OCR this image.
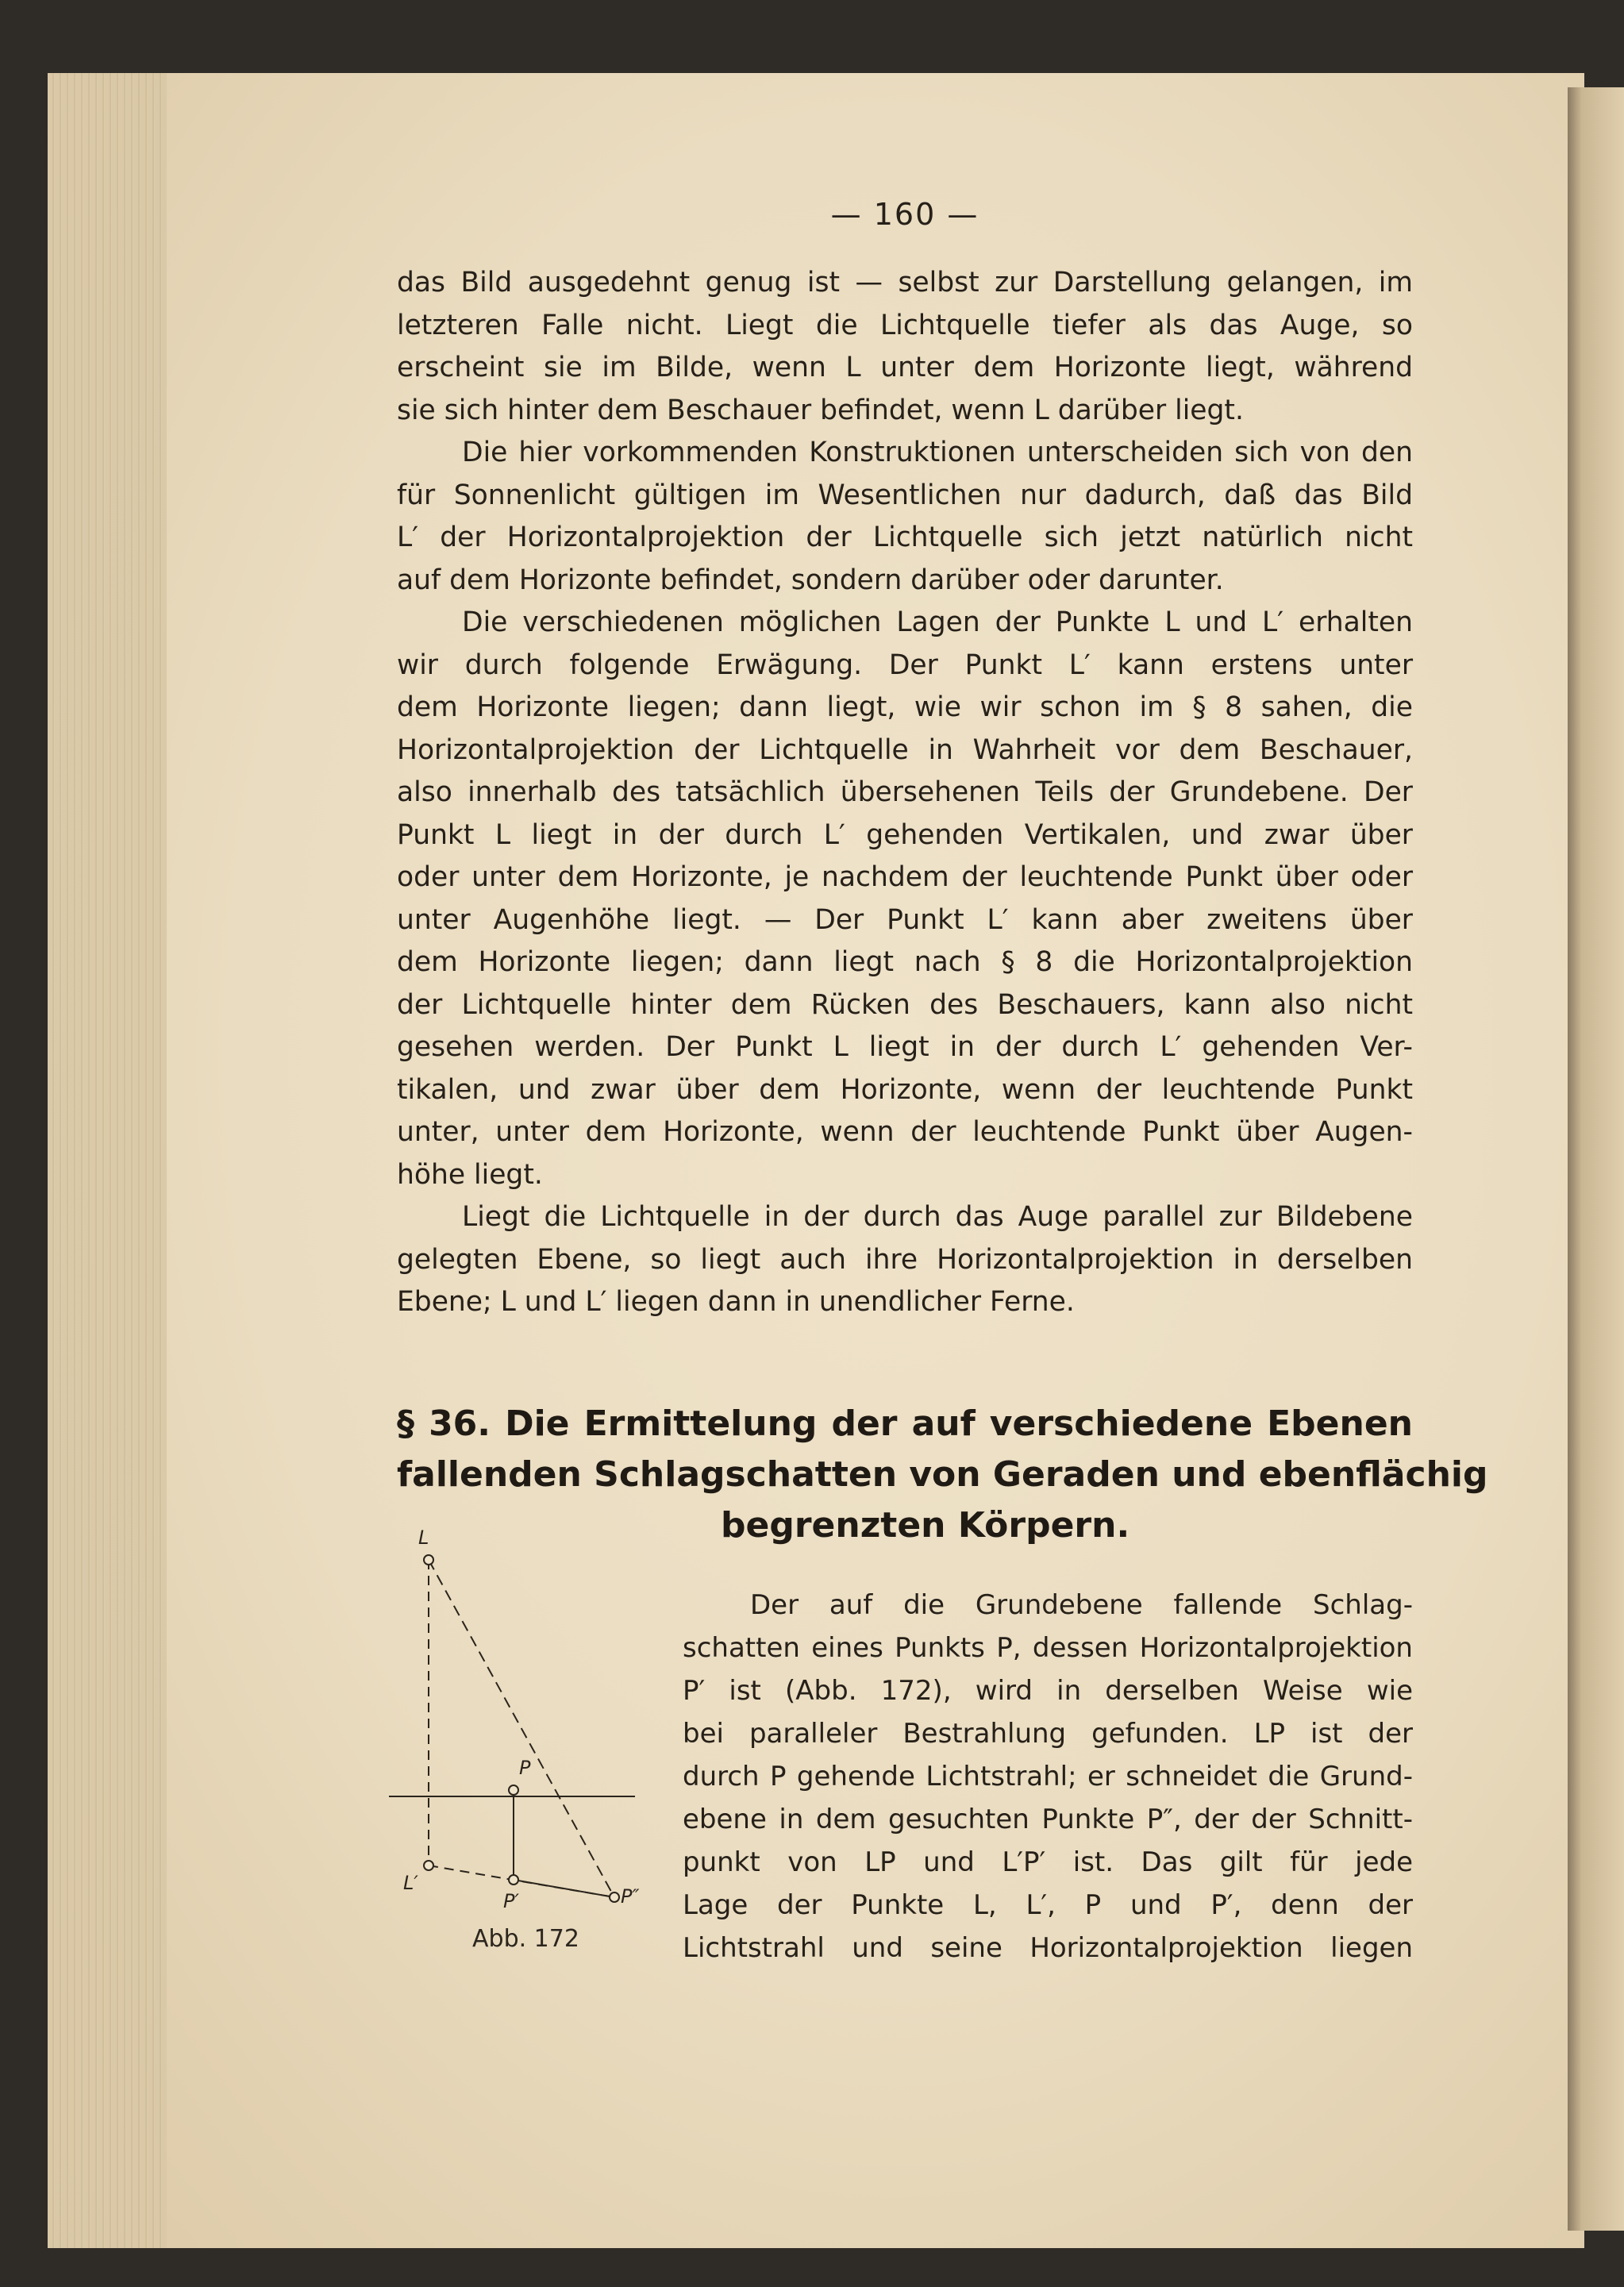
— 160 —
das Bild ausgedehnt genug ist — selbst zur Darstellung gelangen, im
letzteren Falle nicht. Liegt die Lichtquelle tiefer als das Auge, so
erscheint sie im Bilde, wenn L unter dem Horizonte liegt, während
sie sich hinter dem Beschauer befindet, wenn L darüber liegt.
Die hier vorkommenden Konstruktionen unterscheiden sich von den
für Sonnenlicht gültigen im Wesentlichen nur dadurch, daß das Bild
L′ der Horizontalprojektion der Lichtquelle sich jetzt natürlich nicht
auf dem Horizonte befindet, sondern darüber oder darunter.
Die verschiedenen möglichen Lagen der Punkte L und L′ erhalten
wir durch folgende Erwägung. Der Punkt L′ kann erstens unter
dem Horizonte liegen; dann liegt, wie wir schon im § 8 sahen, die
Horizontalprojektion der Lichtquelle in Wahrheit vor dem Beschauer,
also innerhalb des tatsächlich übersehenen Teils der Grundebene. Der
Punkt L liegt in der durch L′ gehenden Vertikalen, und zwar über
oder unter dem Horizonte, je nachdem der leuchtende Punkt über oder
unter Augenhöhe liegt. — Der Punkt L′ kann aber zweitens über
dem Horizonte liegen; dann liegt nach § 8 die Horizontalprojektion
der Lichtquelle hinter dem Rücken des Beschauers, kann also nicht
gesehen werden. Der Punkt L liegt in der durch L′ gehenden Ver-
tikalen, und zwar über dem Horizonte, wenn der leuchtende Punkt
unter, unter dem Horizonte, wenn der leuchtende Punkt über Augen-
höhe liegt.
Liegt die Lichtquelle in der durch das Auge parallel zur Bildebene
gelegten Ebene, so liegt auch ihre Horizontalprojektion in derselben
Ebene; L und L′ liegen dann in unendlicher Ferne.
§ 36. Die Ermittelung der auf verschiedene Ebenen
fallenden Schlagschatten von Geraden und ebenflächig
begrenzten Körpern.
L
L′
P
P′	P″
Abb. 172
Der auf die Grundebene fallende Schlag-
schatten eines Punkts P, dessen Horizontalprojektion
P′ ist (Abb. 172), wird in derselben Weise wie
bei paralleler Bestrahlung gefunden. LP ist der
durch P gehende Lichtstrahl; er schneidet die Grund-
ebene in dem gesuchten Punkte P″, der der Schnitt-
punkt von LP und L′P′ ist. Das gilt für jede
Lage der Punkte L, L′, P und P′, denn der
Lichtstrahl und seine Horizontalprojektion liegen
